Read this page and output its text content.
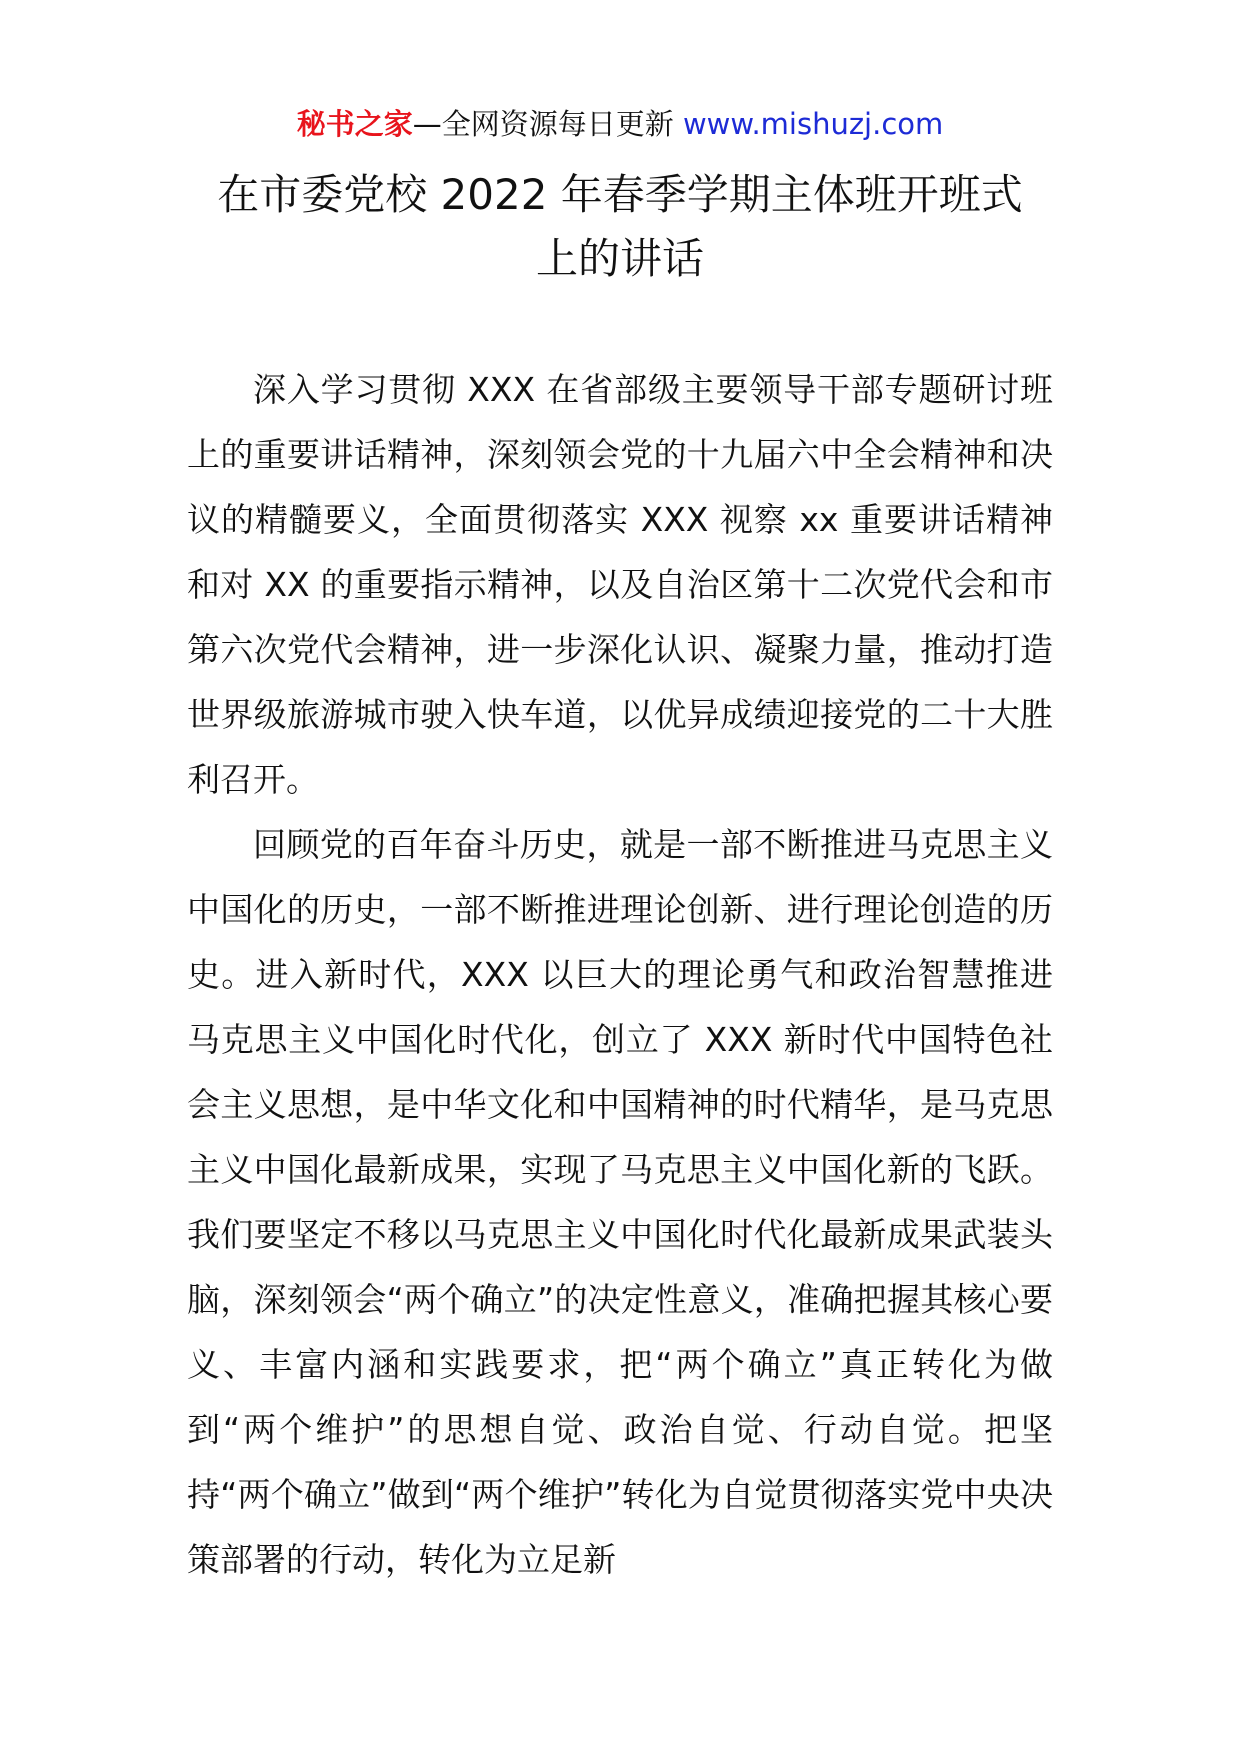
秘书之家—全网资源每日更新 www.mishuzj.com
在市委党校 2022 年春季学期主体班开班式
上的讲话

深入学习贯彻 XXX 在省部级主要领导干部专题研讨班上的重要讲话精神，深刻领会党的十九届六中全会精神和决议的精髓要义，全面贯彻落实 XXX 视察 xx 重要讲话精神和对 XX 的重要指示精神，以及自治区第十二次党代会和市第六次党代会精神，进一步深化认识、凝聚力量，推动打造世界级旅游城市驶入快车道，以优异成绩迎接党的二十大胜利召开。

回顾党的百年奋斗历史，就是一部不断推进马克思主义中国化的历史，一部不断推进理论创新、进行理论创造的历史。进入新时代，XXX 以巨大的理论勇气和政治智慧推进马克思主义中国化时代化，创立了 XXX 新时代中国特色社会主义思想，是中华文化和中国精神的时代精华，是马克思主义中国化最新成果，实现了马克思主义中国化新的飞跃。我们要坚定不移以马克思主义中国化时代化最新成果武装头脑，深刻领会“两个确立”的决定性意义，准确把握其核心要义、丰富内涵和实践要求，把“两个确立”真正转化为做到“两个维护”的思想自觉、政治自觉、行动自觉。把坚持“两个确立”做到“两个维护”转化为自觉贯彻落实党中央决策部署的行动，转化为立足新
